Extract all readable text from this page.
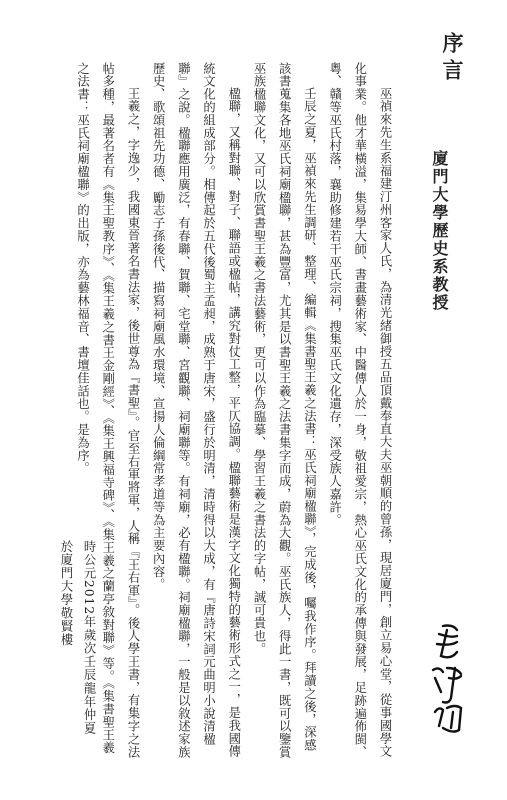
序言
廈門大學歷史系教授

巫禎來先生系福建汀州客家人氏，為清光緒御授五品頂戴奉直大夫巫朝順的曾孫，現居廈門，創立易心堂，從事國學文化事業。他才華橫溢，集易學大師、書畫藝術家、中醫傳人於一身，敬祖愛宗，熱心巫氏文化的承傳與發展，足跡遍佈閩、粵、贛等巫氏村落，襄助修建若干巫氏宗祠，搜集巫氏文化遺存，深受族人嘉許。

壬辰之夏，巫禎來先生調研、整理、編輯《集書聖王羲之法書：巫氏祠廟楹聯》，完成後，囑我作序。拜讀之後，深感該書蒐集各地巫氏祠廟楹聯，甚為豐富，尤其是以書聖王羲之法書集字而成，蔚為大觀。巫氏族人，得此一書，既可以鑒賞巫族楹聯文化，又可以欣賞書聖王羲之書法藝術，更可以作為臨摹、學習王羲之書法的字帖，誠可貴也。

楹聯，又稱對聯、對子、聯語或楹帖，講究對仗工整，平仄協調。楹聯藝術是漢字文化獨特的藝術形式之一，是我國傳統文化的組成部分。相傳起於五代後蜀主孟昶，成熟于唐宋，盛行於明清，清時得以大成，有『唐詩宋詞元曲明小說清楹聯』之說。楹聯應用廣泛，有春聯、賀聯、宅堂聯、宮觀聯、祠廟聯等。有祠廟，必有楹聯。祠廟楹聯，一般是以敘述家族歷史、歌頌祖先功德、勵志子孫後代、描寫祠廟風水環境、宣揚人倫綱常孝道等為主要內容。

王羲之，字逸少，我國東晉著名書法家，後世尊為『書聖』。官至右軍將軍，人稱『王右軍』。後人學王書，有集字之法帖多種，最著名者有《集王聖教序》、《集王羲之書王金剛經》、《集王興福寺碑》、《集王羲之蘭亭敘對聯》等。《集書聖王羲之法書：巫氏祠廟楹聯》的出版，亦為藝林福音、書壇佳話也。是為序。

時公元2012年歲次壬辰龍年仲夏
於廈門大學敬賢樓
